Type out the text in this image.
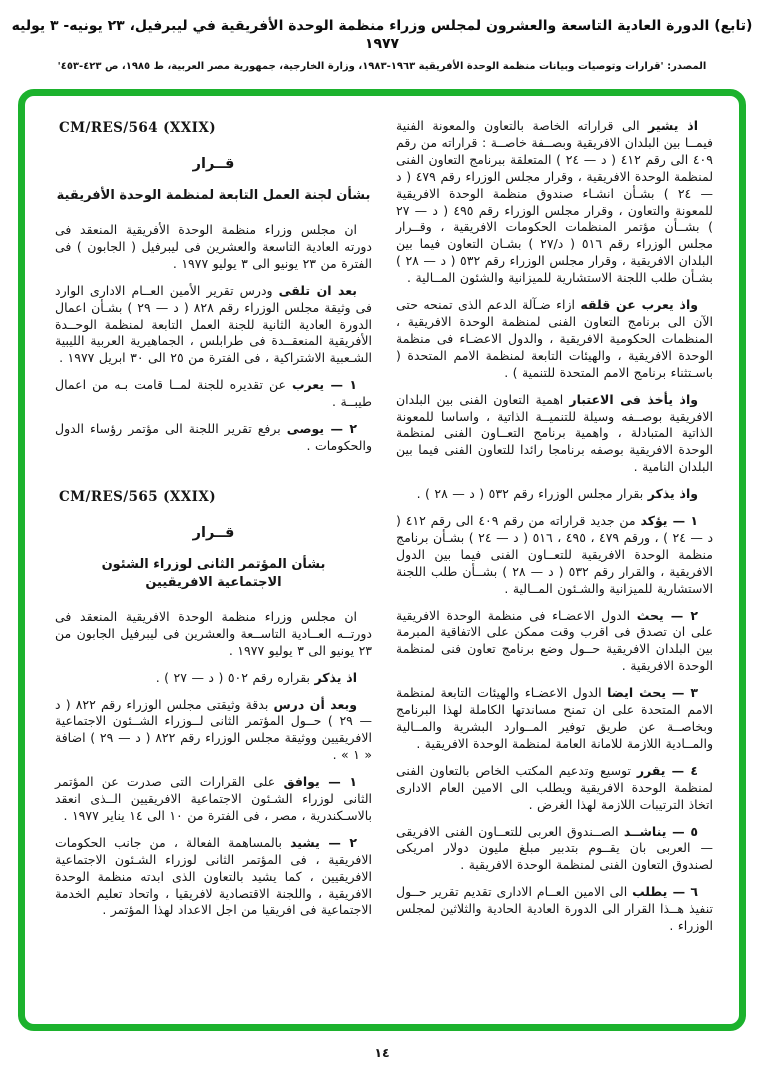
(تابع) الدورة العادية التاسعة والعشرون لمجلس وزراء منظمة الوحدة الأفريقية في ليبرفيل، ٢٣ يونيه- ٣ يوليه ١٩٧٧
المصدر: 'قرارات وتوصيات وبيانات منظمة الوحدة الأفريقية ١٩٦٣-١٩٨٣، وزارة الخارجية، جمهورية مصر العربية، ط ١٩٨٥، ص ٤٢٣-٤٥٣'

اذ يشير الى قراراته الخاصة بالتعاون والمعونة الفنية فيمــا بين البلدان الافريقية وبصــفة خاصــة : قراراته من رقم ٤٠٩ الى رقم ٤١٢ ( د — ٢٤ ) المتعلقة ببرنامج التعاون الفنى لمنظمة الوحدة الافريقية ، وقرار مجلس الوزراء رقم ٤٧٩ ( د — ٢٤ ) بشـأن انشـاء صندوق منظمة الوحدة الافريقية للمعونة والتعاون ، وقرار مجلس الوزراء رقم ٤٩٥ ( د — ٢٧ ) بشــأن مؤتمر المنظمات الحكومات الافريقية ، وقــرار مجلس الوزراء رقم ٥١٦ ( د/٢٧ ) بشـان التعاون فيما بين البلدان الافريقية ، وقرار مجلس الوزراء رقم ٥٣٢ ( د — ٢٨ ) بشـأن طلب اللجنة الاستشارية للميزانية والشئون المــالية .

واذ يعرب عن قلقه ازاء ضـآلة الدعم الذى تمنحه حتى الآن الى برنامج التعاون الفنى لمنظمة الوحدة الافريقية ، المنظمات الحكومية الافريقية ، والدول الاعضـاء فى منظمة الوحدة الافريقية ، والهيئات التابعة لمنظمة الامم المتحدة ( باسـتثناء برنامج الامم المتحدة للتنمية ) .

واذ يأخذ فى الاعتبار اهمية التعاون الفنى بين البلدان الافريقية بوصــفه وسيلة للتنميــة الذاتية ، واساسا للمعونة الذاتية المتبادلة ، واهمية برنامج التعــاون الفنى لمنظمة الوحدة الافريقية بوصفه برنامجا رائدا للتعاون الفنى فيما بين البلدان النامية .

واذ يذكر بقرار مجلس الوزراء رقم ٥٣٢ ( د — ٢٨ ) .

١ — يؤكد من جديد قراراته من رقم ٤٠٩ الى رقم ٤١٢ ( د — ٢٤ ) ، ورقم ٤٧٩ ، ٤٩٥ ، ٥١٦ ( د — ٢٤ ) بشـأن برنامج منظمة الوحدة الافريقية للتعــاون الفنى فيما بين الدول الافريقية ، والقرار رقم ٥٣٢ ( د — ٢٨ ) بشــأن طلب اللجنة الاستشارية للميزانية والشـئون المــالية .

٢ — يحث الدول الاعضـاء فى منظمة الوحدة الافريقية على ان تصدق فى اقرب وقت ممكن على الاتفاقية المبرمة بين البلدان الافريقية حــول وضع برنامج تعاون فنى لمنظمة الوحدة الافريقية .

٣ — يحث ايضا الدول الاعضـاء والهيئات التابعة لمنظمة الامم المتحدة على ان تمنح مساندتها الكاملة لهذا البرنامج وبخاصــة عن طريق توفير المــوارد البشرية والمــالية والمــادية اللازمة للامانة العامة لمنظمة الوحدة الافريقية .

٤ — يقرر توسيع وتدعيم المكتب الخاص بالتعاون الفنى لمنظمة الوحدة الافريقية ويطلب الى الامين العام الادارى اتخاذ الترتيبات اللازمة لهذا الغرض .

٥ — يناشــد الصــندوق العربى للتعــاون الفنى الافريقى — العربى بان يقــوم بتدبير مبلغ مليون دولار امريكى لصندوق التعاون الفنى لمنظمة الوحدة الافريقية .

٦ — يطلب الى الامين العــام الادارى تقديم تقرير حــول تنفيذ هــذا القرار الى الدورة العادية الحادية والثلاثين لمجلس الوزراء .

CM/RES/564 (XXIX)
قــرار
بشأن لجنة العمل التابعة لمنظمة الوحدة الأفريقية

ان مجلس وزراء منظمة الوحدة الأفريقية المنعقد فى دورته العادية التاسعة والعشرين فى ليبرفيل ( الجابون ) فى الفترة من ٢٣ يونيو الى ٣ يوليو ١٩٧٧ .

بعد ان تلقى ودرس تقرير الأمين العــام الادارى الوارد فى وثيقة مجلس الوزراء رقم ٨٢٨ ( د — ٢٩ ) بشـأن اعمال الدورة العادية الثانية للجنة العمل التابعة لمنظمة الوحــدة الأفريقية المنعقــدة فى طرابلس ، الجماهيرية العربية الليبية الشـعبية الاشتراكية ، فى الفترة من ٢٥ الى ٣٠ ابريل ١٩٧٧ .

١ — يعرب عن تقديره للجنة لمــا قامت بـه من اعمال طيبــة .

٢ — يوصى برفع تقرير اللجنة الى مؤتمر رؤساء الدول والحكومات .

CM/RES/565 (XXIX)
قــرار
بشأن المؤتمر الثانى لوزراء الشئون الاجتماعية الافريقيين

ان مجلس وزراء منظمة الوحدة الافريقية المنعقد فى دورتــه العــادية التاســعة والعشرين فى ليبرفيل الجابون من ٢٣ يونيو الى ٣ يوليو ١٩٧٧ .

اذ يذكر بقراره رقم ٥٠٢ ( د — ٢٧ ) .

وبعد أن درس بدقة وثيقتى مجلس الوزراء رقم ٨٢٢ ( د — ٢٩ ) حــول المؤتمر الثانى لــوزراء الشــئون الاجتماعية الافريقيين ووثيقة مجلس الوزراء رقم ٨٢٢ ( د — ٢٩ ) اضافة « ١ » .

١ — يوافق على القرارات التى صدرت عن المؤتمر الثانى لوزراء الشـئون الاجتماعية الافريقيين الــذى انعقد بالاسـكندرية ، مصر ، فى الفترة من ١٠ الى ١٤ يناير ١٩٧٧ .

٢ — يشيد بالمساهمة الفعالة ، من جانب الحكومات الافريقية ، فى المؤتمر الثانى لوزراء الشـئون الاجتماعية الافريقيين ، كما يشيد بالتعاون الذى ابدته منظمة الوحدة الافريقية ، واللجنة الاقتصادية لافريقيا ، واتحاد تعليم الخدمة الاجتماعية فى افريقيا من اجل الاعداد لهذا المؤتمر .

١٤
